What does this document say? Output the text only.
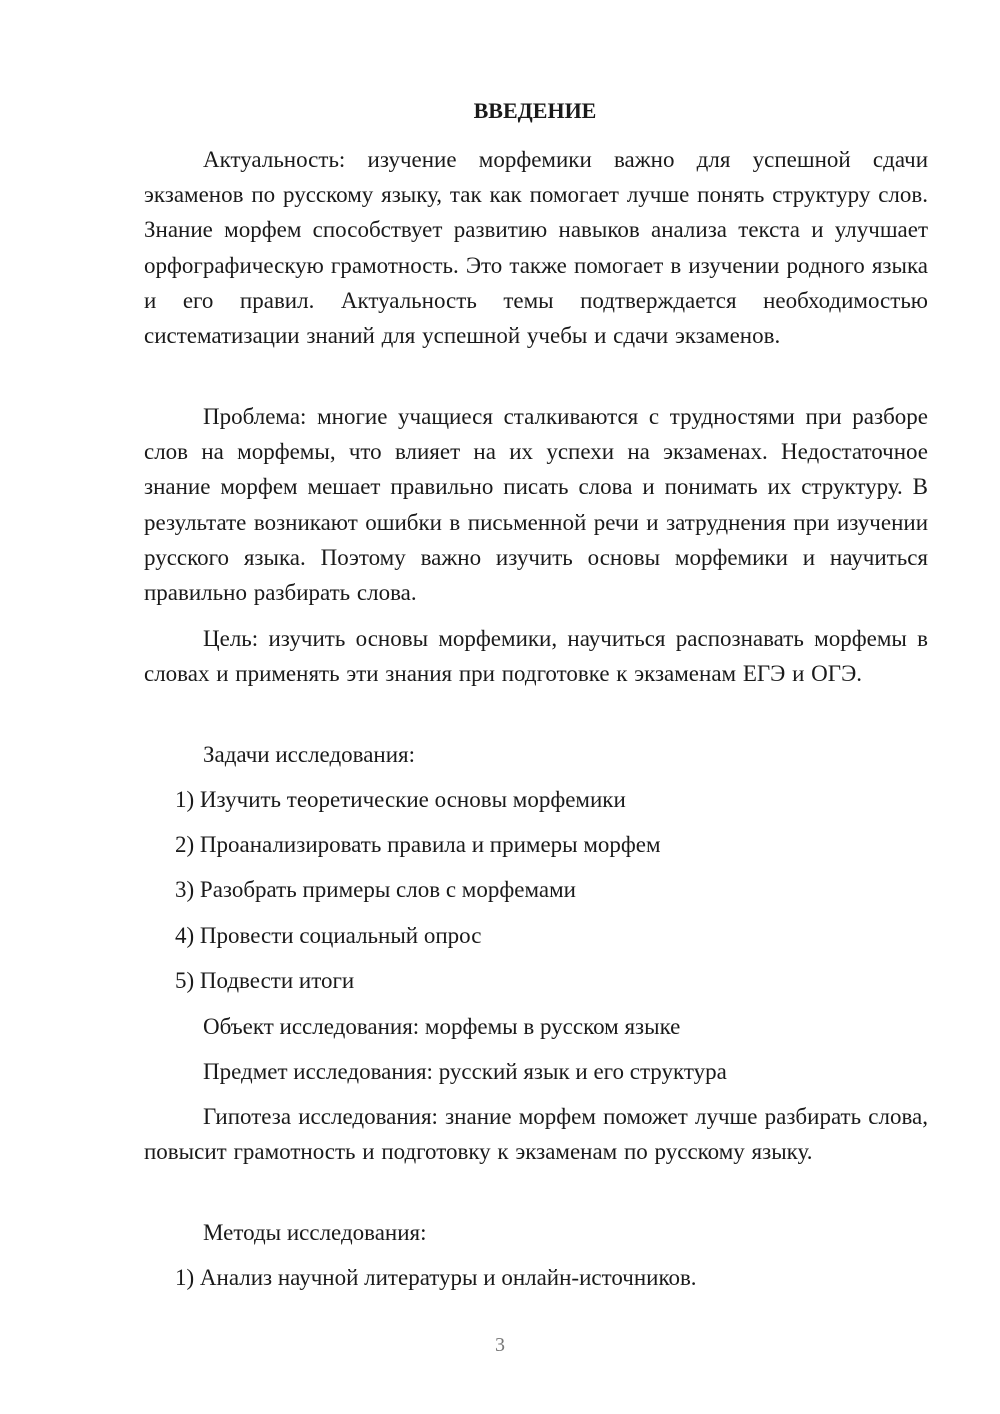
ВВЕДЕНИЕ

Актуальность: изучение морфемики важно для успешной сдачи экзаменов по русскому языку, так как помогает лучше понять структуру слов. Знание морфем способствует развитию навыков анализа текста и улучшает орфографическую грамотность. Это также помогает в изучении родного языка и его правил. Актуальность темы подтверждается необходимостью систематизации знаний для успешной учебы и сдачи экзаменов.

Проблема: многие учащиеся сталкиваются с трудностями при разборе слов на морфемы, что влияет на их успехи на экзаменах. Недостаточное знание морфем мешает правильно писать слова и понимать их структуру. В результате возникают ошибки в письменной речи и затруднения при изучении русского языка. Поэтому важно изучить основы морфемики и научиться правильно разбирать слова.

Цель: изучить основы морфемики, научиться распознавать морфемы в словах и применять эти знания при подготовке к экзаменам ЕГЭ и ОГЭ.

Задачи исследования:

1) Изучить теоретические основы морфемики

2) Проанализировать правила и примеры морфем

3) Разобрать примеры слов с морфемами

4) Провести социальный опрос

5) Подвести итоги

Объект исследования: морфемы в русском языке

Предмет исследования: русский язык и его структура

Гипотеза исследования: знание морфем поможет лучше разбирать слова, повысит грамотность и подготовку к экзаменам по русскому языку.

Методы исследования:

1) Анализ научной литературы и онлайн-источников.

3
